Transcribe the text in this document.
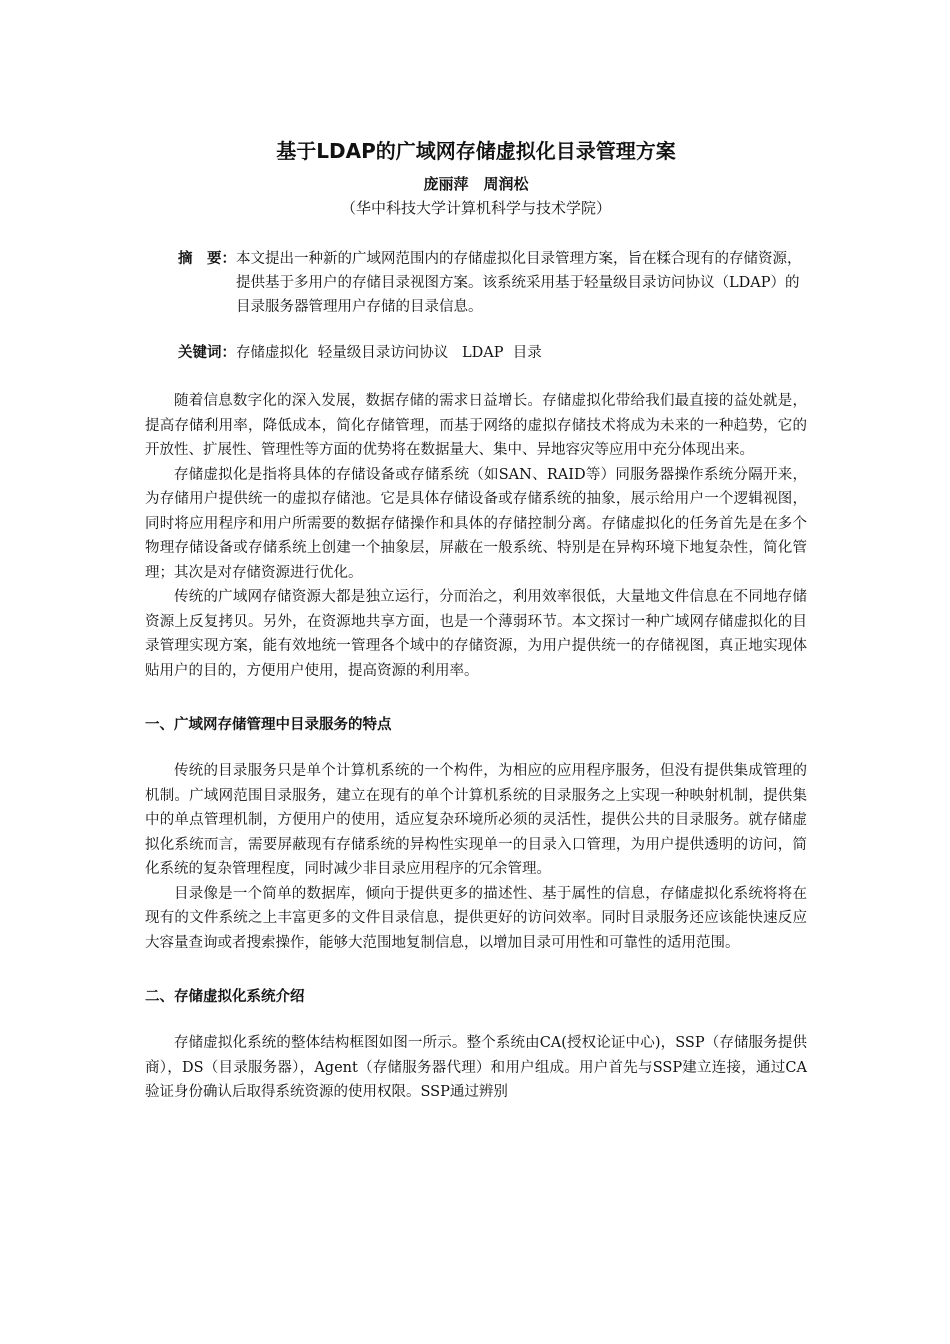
基于LDAP的广域网存储虚拟化目录管理方案

庞丽萍　周润松

（华中科技大学计算机科学与技术学院）

摘　要： 本文提出一种新的广域网范围内的存储虚拟化目录管理方案，旨在糅合现有的存储资源，提供基于多用户的存储目录视图方案。该系统采用基于轻量级目录访问协议（LDAP）的目录服务器管理用户存储的目录信息。
关键词：存储虚拟化  轻量级目录访问协议   LDAP  目录

随着信息数字化的深入发展，数据存储的需求日益增长。存储虚拟化带给我们最直接的益处就是，提高存储利用率，降低成本，简化存储管理，而基于网络的虚拟存储技术将成为未来的一种趋势，它的开放性、扩展性、管理性等方面的优势将在数据量大、集中、异地容灾等应用中充分体现出来。

存储虚拟化是指将具体的存储设备或存储系统（如SAN、RAID等）同服务器操作系统分隔开来，为存储用户提供统一的虚拟存储池。它是具体存储设备或存储系统的抽象，展示给用户一个逻辑视图，同时将应用程序和用户所需要的数据存储操作和具体的存储控制分离。存储虚拟化的任务首先是在多个物理存储设备或存储系统上创建一个抽象层，屏蔽在一般系统、特别是在异构环境下地复杂性，简化管理；其次是对存储资源进行优化。

传统的广域网存储资源大都是独立运行，分而治之，利用效率很低，大量地文件信息在不同地存储资源上反复拷贝。另外，在资源地共享方面，也是一个薄弱环节。本文探讨一种广域网存储虚拟化的目录管理实现方案，能有效地统一管理各个域中的存储资源，为用户提供统一的存储视图，真正地实现体贴用户的目的，方便用户使用，提高资源的利用率。

一、广域网存储管理中目录服务的特点

传统的目录服务只是单个计算机系统的一个构件，为相应的应用程序服务，但没有提供集成管理的机制。广域网范围目录服务，建立在现有的单个计算机系统的目录服务之上实现一种映射机制，提供集中的单点管理机制，方便用户的使用，适应复杂环境所必须的灵活性，提供公共的目录服务。就存储虚拟化系统而言，需要屏蔽现有存储系统的异构性实现单一的目录入口管理，为用户提供透明的访问，简化系统的复杂管理程度，同时减少非目录应用程序的冗余管理。

目录像是一个简单的数据库，倾向于提供更多的描述性、基于属性的信息，存储虚拟化系统将将在现有的文件系统之上丰富更多的文件目录信息，提供更好的访问效率。同时目录服务还应该能快速反应大容量查询或者搜索操作，能够大范围地复制信息，以增加目录可用性和可靠性的适用范围。

二、存储虚拟化系统介绍

存储虚拟化系统的整体结构框图如图一所示。整个系统由CA(授权论证中心)，SSP（存储服务提供商），DS（目录服务器），Agent（存储服务器代理）和用户组成。用户首先与SSP建立连接，通过CA验证身份确认后取得系统资源的使用权限。SSP通过辨别
